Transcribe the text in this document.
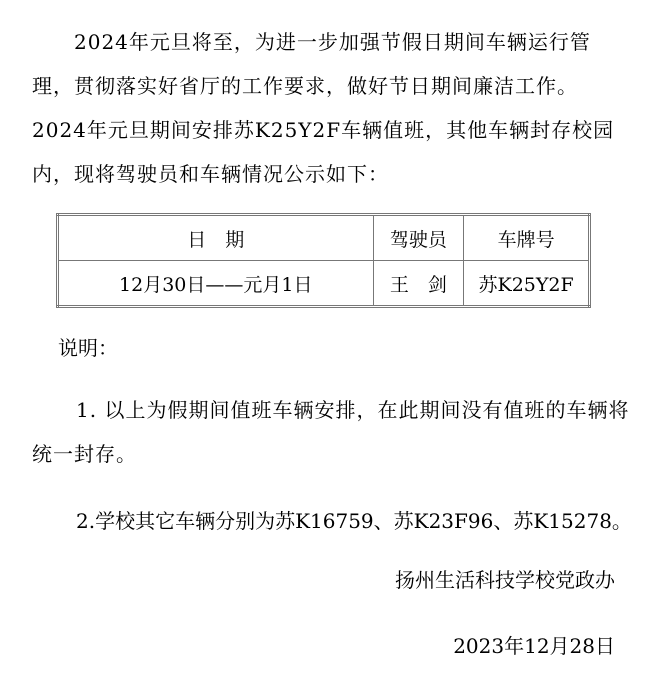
2024年元旦将至，为进一步加强节假日期间车辆运行管理，贯彻落实好省厅的工作要求，做好节日期间廉洁工作。2024年元旦期间安排苏K25Y2F车辆值班，其他车辆封存校园内，现将驾驶员和车辆情况公示如下：

日　期	驾驶员	车牌号
12月30日——元月1日	王　剑	苏K25Y2F

说明：

1. 以上为假期间值班车辆安排，在此期间没有值班的车辆将统一封存。

2.学校其它车辆分别为苏K16759、苏K23F96、苏K15278。

扬州生活科技学校党政办

2023年12月28日
